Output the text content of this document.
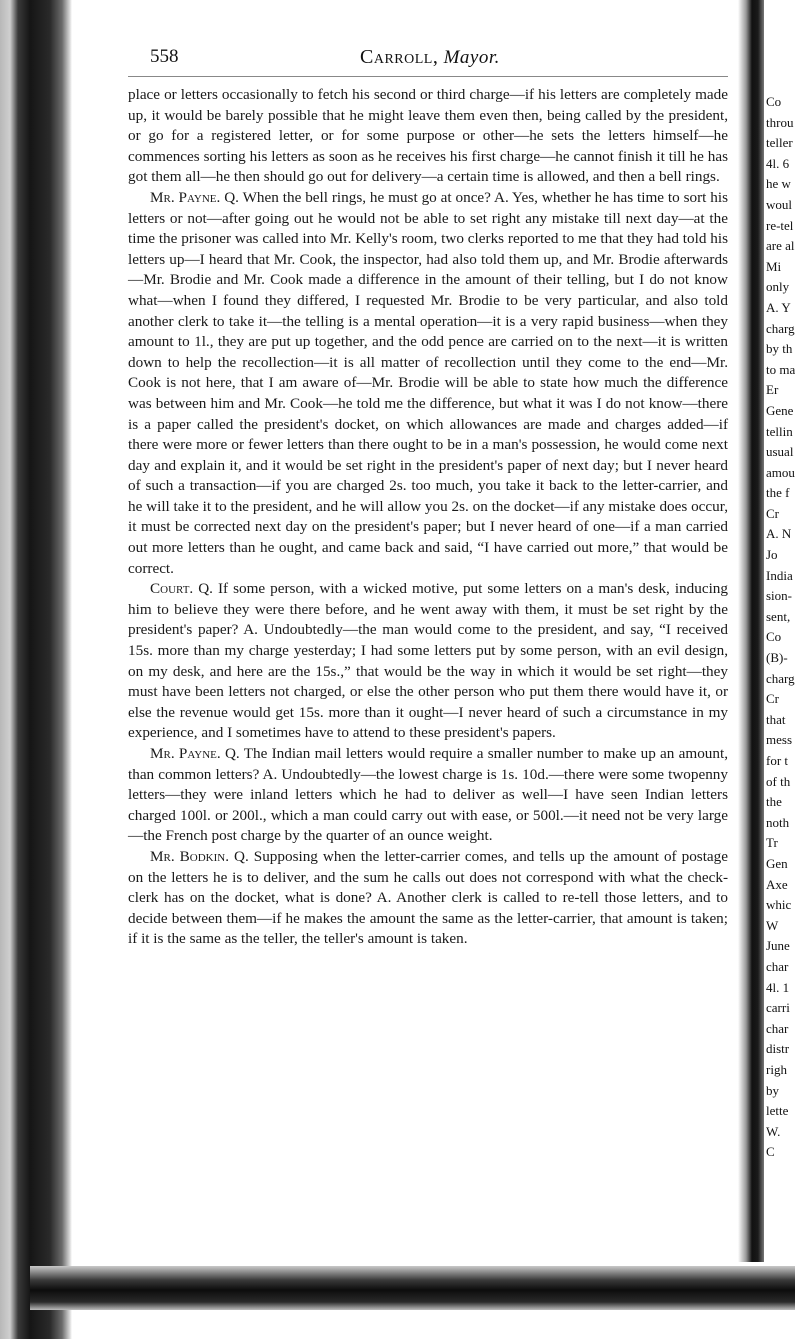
558	Carroll, Mayor.

place or letters occasionally to fetch his second or third charge—if his letters are completely made up, it would be barely possible that he might leave them even then, being called by the president, or go for a registered letter, or for some purpose or other—he sets the letters himself—he commences sorting his letters as soon as he receives his first charge—he cannot finish it till he has got them all—he then should go out for delivery—a certain time is allowed, and then a bell rings.

Mr. Payne. Q. When the bell rings, he must go at once? A. Yes, whether he has time to sort his letters or not—after going out he would not be able to set right any mistake till next day—at the time the prisoner was called into Mr. Kelly's room, two clerks reported to me that they had told his letters up—I heard that Mr. Cook, the inspector, had also told them up, and Mr. Brodie afterwards—Mr. Brodie and Mr. Cook made a difference in the amount of their telling, but I do not know what—when I found they differed, I requested Mr. Brodie to be very particular, and also told another clerk to take it—the telling is a mental operation—it is a very rapid business—when they amount to 1l., they are put up together, and the odd pence are carried on to the next—it is written down to help the recollection—it is all matter of recollection until they come to the end—Mr. Cook is not here, that I am aware of—Mr. Brodie will be able to state how much the difference was between him and Mr. Cook—he told me the difference, but what it was I do not know—there is a paper called the president's docket, on which allowances are made and charges added—if there were more or fewer letters than there ought to be in a man's possession, he would come next day and explain it, and it would be set right in the president's paper of next day; but I never heard of such a transaction—if you are charged 2s. too much, you take it back to the letter-carrier, and he will take it to the president, and he will allow you 2s. on the docket—if any mistake does occur, it must be corrected next day on the president's paper; but I never heard of one—if a man carried out more letters than he ought, and came back and said, “I have carried out more,” that would be correct.

Court. Q. If some person, with a wicked motive, put some letters on a man's desk, inducing him to believe they were there before, and he went away with them, it must be set right by the president's paper? A. Undoubtedly—the man would come to the president, and say, “I received 15s. more than my charge yesterday; I had some letters put by some person, with an evil design, on my desk, and here are the 15s.,” that would be the way in which it would be set right—they must have been letters not charged, or else the other person who put them there would have it, or else the revenue would get 15s. more than it ought—I never heard of such a circumstance in my experience, and I sometimes have to attend to these president's papers.

Mr. Payne. Q. The Indian mail letters would require a smaller number to make up an amount, than common letters? A. Undoubtedly—the lowest charge is 1s. 10d.—there were some twopenny letters—they were inland letters which he had to deliver as well—I have seen Indian letters charged 100l. or 200l., which a man could carry out with ease, or 500l.—it need not be very large—the French post charge by the quarter of an ounce weight.

Mr. Bodkin. Q. Supposing when the letter-carrier comes, and tells up the amount of postage on the letters he is to deliver, and the sum he calls out does not correspond with what the check-clerk has on the docket, what is done? A. Another clerk is called to re-tell those letters, and to decide between them—if he makes the amount the same as the letter-carrier, that amount is taken; if it is the same as the teller, the teller's amount is taken.

Co
throu
teller
4l. 6
he w
woul
re-tel
are al
Mi
only
A. Y
charg
by th
to ma
Er
Gene
tellin
usual
amou
the f
Cr
A. N
Jo
India
sion-
sent,
Co
(B)-
charg
Cr
that
mess
for t
of th
the
noth
Tr
Gen
Axe
whic
W
June
char
4l. 1
carri
char
distr
righ
by
lette
W.
C
